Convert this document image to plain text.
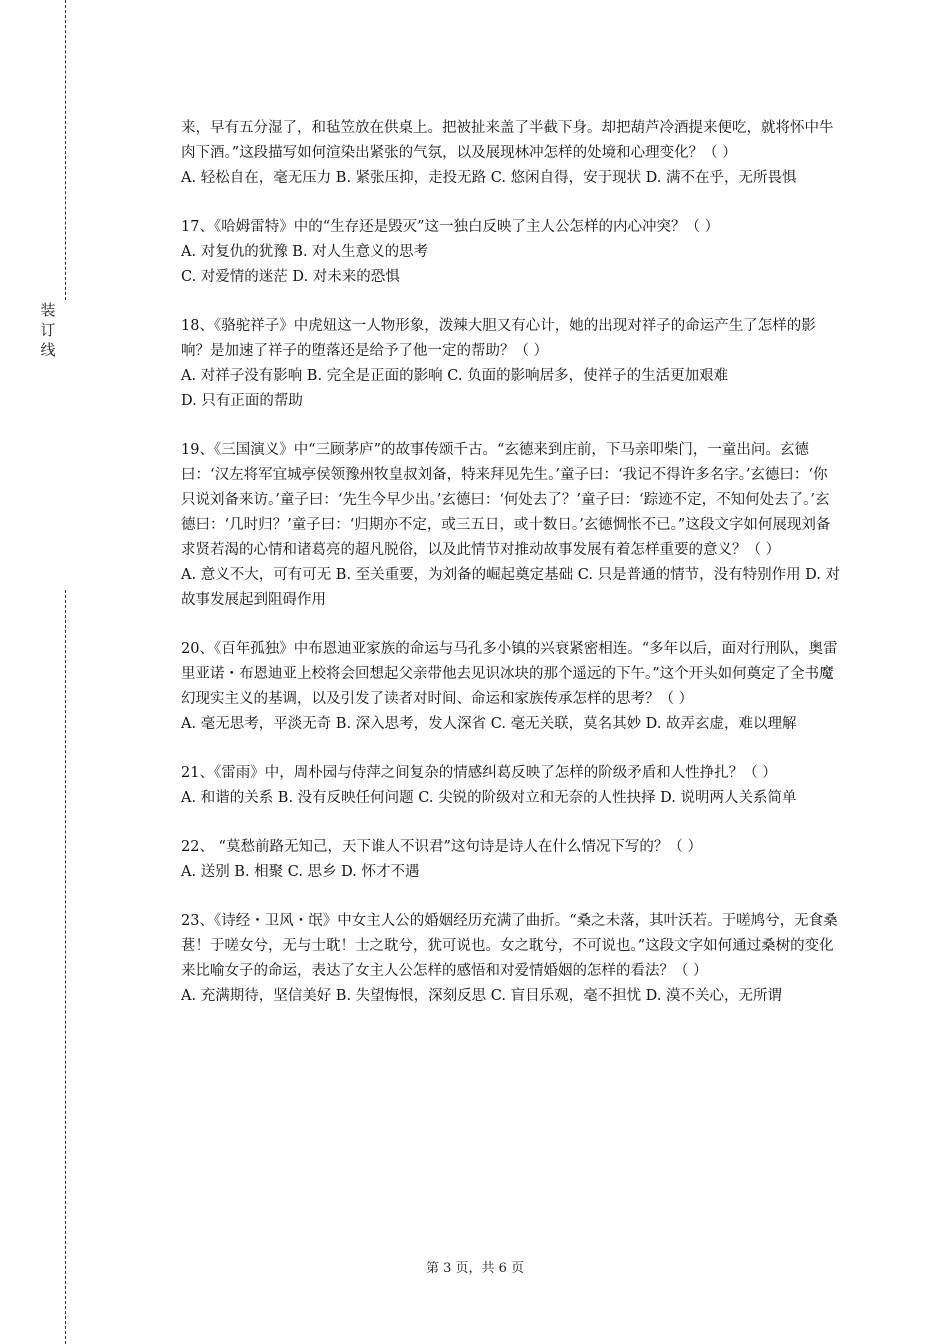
装
订
线

来，早有五分湿了，和毡笠放在供桌上。把被扯来盖了半截下身。却把葫芦冷酒提来便吃，就将怀中牛肉下酒。”这段描写如何渲染出紧张的气氛，以及展现林冲怎样的处境和心理变化？（ ）

A. 轻松自在，毫无压力 B. 紧张压抑，走投无路 C. 悠闲自得，安于现状 D. 满不在乎，无所畏惧

17、《哈姆雷特》中的“生存还是毁灭”这一独白反映了主人公怎样的内心冲突？（ ）

A. 对复仇的犹豫 B. 对人生意义的思考

C. 对爱情的迷茫 D. 对未来的恐惧

18、《骆驼祥子》中虎妞这一人物形象，泼辣大胆又有心计，她的出现对祥子的命运产生了怎样的影响？是加速了祥子的堕落还是给予了他一定的帮助？（ ）

A. 对祥子没有影响 B. 完全是正面的影响 C. 负面的影响居多，使祥子的生活更加艰难

D. 只有正面的帮助

19、《三国演义》中“三顾茅庐”的故事传颂千古。“玄德来到庄前，下马亲叩柴门，一童出问。玄德曰：‘汉左将军宜城亭侯领豫州牧皇叔刘备，特来拜见先生。’童子曰：‘我记不得许多名字。’玄德曰：‘你只说刘备来访。’童子曰：‘先生今早少出。’玄德曰：‘何处去了？’童子曰：‘踪迹不定，不知何处去了。’玄德曰：‘几时归？’童子曰：‘归期亦不定，或三五日，或十数日。’玄德惆怅不已。”这段文字如何展现刘备求贤若渴的心情和诸葛亮的超凡脱俗，以及此情节对推动故事发展有着怎样重要的意义？（ ）

A. 意义不大，可有可无 B. 至关重要，为刘备的崛起奠定基础 C. 只是普通的情节，没有特别作用 D. 对故事发展起到阻碍作用

20、《百年孤独》中布恩迪亚家族的命运与马孔多小镇的兴衰紧密相连。“多年以后，面对行刑队，奥雷里亚诺・布恩迪亚上校将会回想起父亲带他去见识冰块的那个遥远的下午。”这个开头如何奠定了全书魔幻现实主义的基调，以及引发了读者对时间、命运和家族传承怎样的思考？（ ）

A. 毫无思考，平淡无奇 B. 深入思考，发人深省 C. 毫无关联，莫名其妙 D. 故弄玄虚，难以理解

21、《雷雨》中，周朴园与侍萍之间复杂的情感纠葛反映了怎样的阶级矛盾和人性挣扎？（ ）

A. 和谐的关系 B. 没有反映任何问题 C. 尖锐的阶级对立和无奈的人性抉择 D. 说明两人关系简单

22、 “莫愁前路无知己，天下谁人不识君”这句诗是诗人在什么情况下写的？（ ）

A. 送别 B. 相聚 C. 思乡 D. 怀才不遇

23、《诗经・卫风・氓》中女主人公的婚姻经历充满了曲折。“桑之未落，其叶沃若。于嗟鸠兮，无食桑葚！于嗟女兮，无与士耽！士之耽兮，犹可说也。女之耽兮，不可说也。”这段文字如何通过桑树的变化来比喻女子的命运，表达了女主人公怎样的感悟和对爱情婚姻的怎样的看法？（ ）

A. 充满期待，坚信美好 B. 失望悔恨，深刻反思 C. 盲目乐观，毫不担忧 D. 漠不关心，无所谓

第 3 页，共 6 页
